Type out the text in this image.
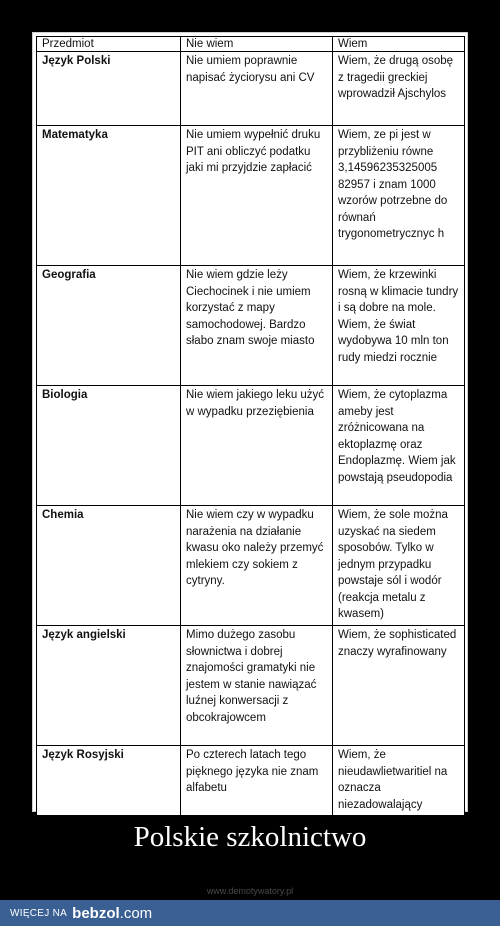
Przedmiot	Nie wiem	Wiem
Język Polski	Nie umiem poprawnie napisać życiorysu ani CV	Wiem, że drugą osobę z tragedii greckiej wprowadził Ajschylos
Matematyka	Nie umiem wypełnić druku PIT ani obliczyć podatku jaki mi przyjdzie zapłacić	Wiem, ze pi jest w przybliżeniu równe 3,14596235325005 82957 i znam 1000 wzorów potrzebne do równań trygonometrycznyc h
Geografia	Nie wiem gdzie leży Ciechocinek i nie umiem korzystać z mapy samochodowej. Bardzo słabo znam swoje miasto	Wiem, że krzewinki rosną w klimacie tundry i są dobre na mole. Wiem, że świat wydobywa 10 mln ton rudy miedzi rocznie
Biologia	Nie wiem jakiego leku użyć w wypadku przeziębienia	Wiem, że cytoplazma ameby jest zróżnicowana na ektoplazmę oraz Endoplazmę. Wiem jak powstają pseudopodia
Chemia	Nie wiem czy w wypadku narażenia na działanie kwasu oko należy przemyć mlekiem czy sokiem z cytryny.	Wiem, że sole można uzyskać na siedem sposobów. Tylko w jednym przypadku powstaje sól i wodór (reakcja metalu z kwasem)
Język angielski	Mimo dużego zasobu słownictwa i dobrej znajomości gramatyki nie jestem w stanie nawiązać luźnej konwersacji z obcokrajowcem	Wiem, że sophisticated znaczy wyrafinowany
Język Rosyjski	Po czterech latach tego pięknego języka nie znam alfabetu	Wiem, że nieudawlietwaritiel na oznacza niezadowalający
Polskie szkolnictwo
www.demotywatory.pl
WIĘCEJ NA bebzol.com
